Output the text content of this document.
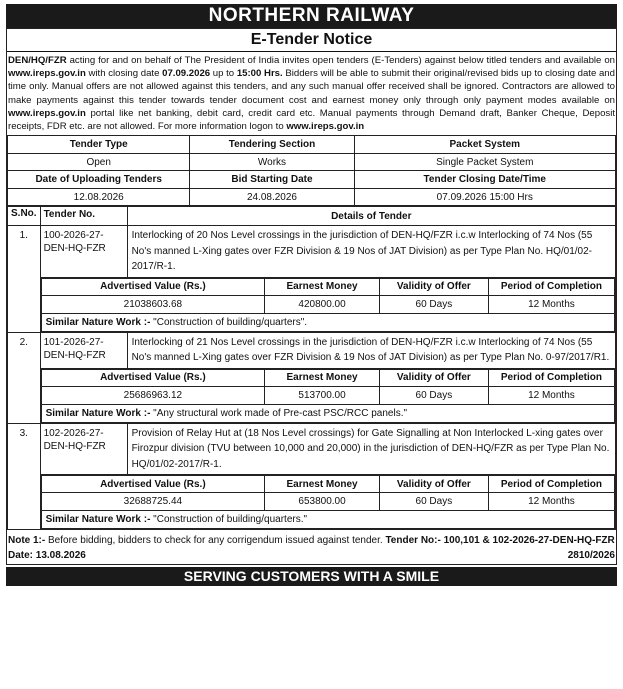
NORTHERN RAILWAY
E-Tender Notice
DEN/HQ/FZR acting for and on behalf of The President of India invites open tenders (E-Tenders) against below titled tenders and available on www.ireps.gov.in with closing date 07.09.2026 up to 15:00 Hrs. Bidders will be able to submit their original/revised bids up to closing date and time only. Manual offers are not allowed against this tenders, and any such manual offer received shall be ignored. Contractors are allowed to make payments against this tender towards tender document cost and earnest money only through only payment modes available on www.ireps.gov.in portal like net banking, debit card, credit card etc. Manual payments through Demand draft, Banker Cheque, Deposit receipts, FDR etc. are not allowed. For more information logon to www.ireps.gov.in
Tender Type	Tendering Section	Packet System
Open	Works	Single Packet System
Date of Uploading Tenders	Bid Starting Date	Tender Closing Date/Time
12.08.2026	24.08.2026	07.09.2026 15:00 Hrs
S.No.	Tender No.	Details of Tender
1.	100-2026-27-DEN-HQ-FZR	Interlocking of 20 Nos Level crossings in the jurisdiction of DEN-HQ/FZR i.c.w Interlocking of 74 Nos (55 No's manned L-Xing gates over FZR Division & 19 Nos of JAT Division) as per Type Plan No. HQ/01/02-2017/R-1.

Advertised Value (Rs.)	Earnest Money	Validity of Offer	Period of Completion
21038603.68	420800.00	60 Days	12 Months
Similar Nature Work :- "Construction of building/quarters".

2.	101-2026-27-DEN-HQ-FZR	Interlocking of 21 Nos Level crossings in the jurisdiction of DEN-HQ/FZR i.c.w Interlocking of 74 Nos (55 No's manned L-Xing gates over FZR Division & 19 Nos of JAT Division) as per Type Plan No. 0-97/2017/R1.

Advertised Value (Rs.)	Earnest Money	Validity of Offer	Period of Completion
25686963.12	513700.00	60 Days	12 Months
Similar Nature Work :- "Any structural work made of Pre-cast PSC/RCC panels."

3.	102-2026-27-DEN-HQ-FZR	Provision of Relay Hut at (18 Nos Level crossings) for Gate Signalling at Non Interlocked L-xing gates over Firozpur division (TVU between 10,000 and 20,000) in the jurisdiction of DEN-HQ/FZR as per Type Plan No. HQ/01/02-2017/R-1.

Advertised Value (Rs.)	Earnest Money	Validity of Offer	Period of Completion
32688725.44	653800.00	60 Days	12 Months
Similar Nature Work :- "Construction of building/quarters."
Note 1:- Before bidding, bidders to check for any corrigendum issued against tender. Tender No:- 100,101 & 102-2026-27-DEN-HQ-FZR Date: 13.08.2026	2810/2026
SERVING CUSTOMERS WITH A SMILE
